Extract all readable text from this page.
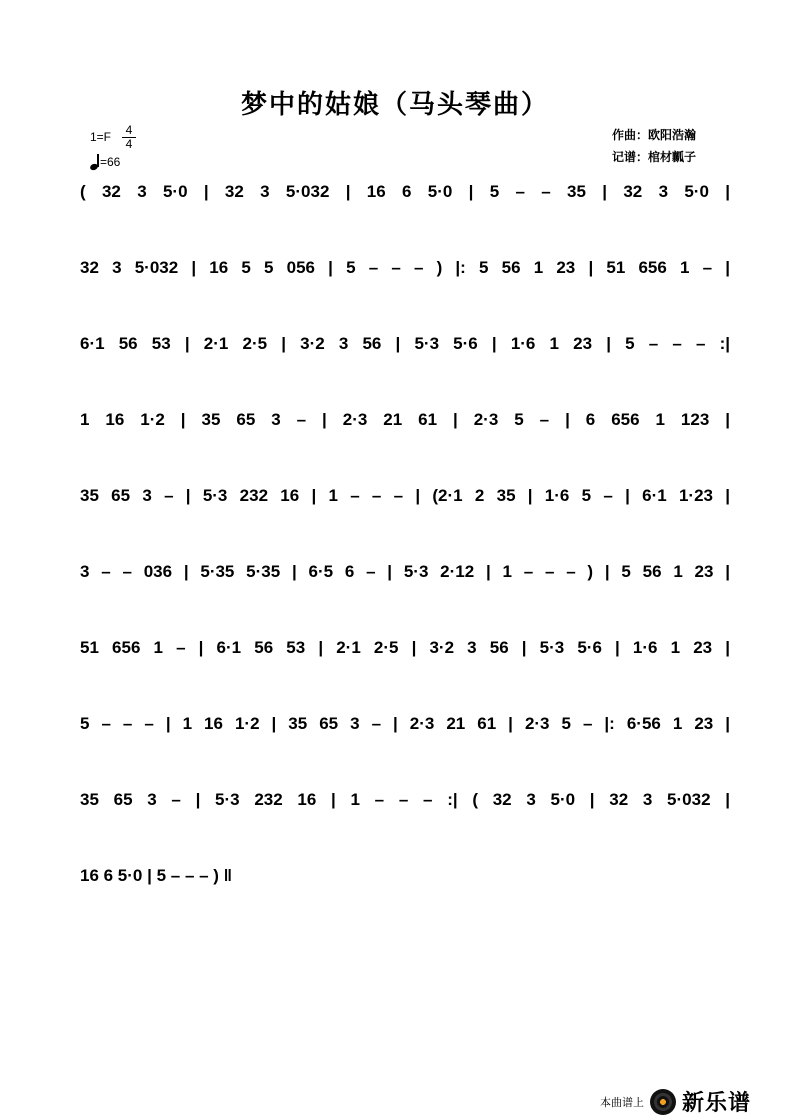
梦中的姑娘（马头琴曲）
1=F	4
4
=66
作曲：欧阳浩瀚
记谱：棺材瓤子
( 32 3 5·0 | 32 3 5·032 | 16 6 5·0 | 5 – – 35 | 32 3 5·0 |
32 3 5·032 | 16 5 5 056 | 5 – – – ) |: 5 56 1 23 | 51 656 1 – |
6·1 56 53 | 2·1 2·5 | 3·2 3 56 | 5·3 5·6 | 1·6 1 23 | 5 – – – :|
1 16 1·2 | 35 65 3 – | 2·3 21 61 | 2·3 5 – | 6 656 1 123 |
35 65 3 – | 5·3 232 16 | 1 – – – | (2·1 2 35 | 1·6 5 – | 6·1 1·23 |
3 – – 036 | 5·35 5·35 | 6·5 6 – | 5·3 2·12 | 1 – – – ) | 5 56 1 23 |
51 656 1 – | 6·1 56 53 | 2·1 2·5 | 3·2 3 56 | 5·3 5·6 | 1·6 1 23 |
5 – – – | 1 16 1·2 | 35 65 3 – | 2·3 21 61 | 2·3 5 – |: 6·56 1 23 |
35 65 3 – | 5·3 232 16 | 1 – – – :| ( 32 3 5·0 | 32 3 5·032 |
16 6 5·0 | 5 – – – ) ‖
本曲谱上 新乐谱
